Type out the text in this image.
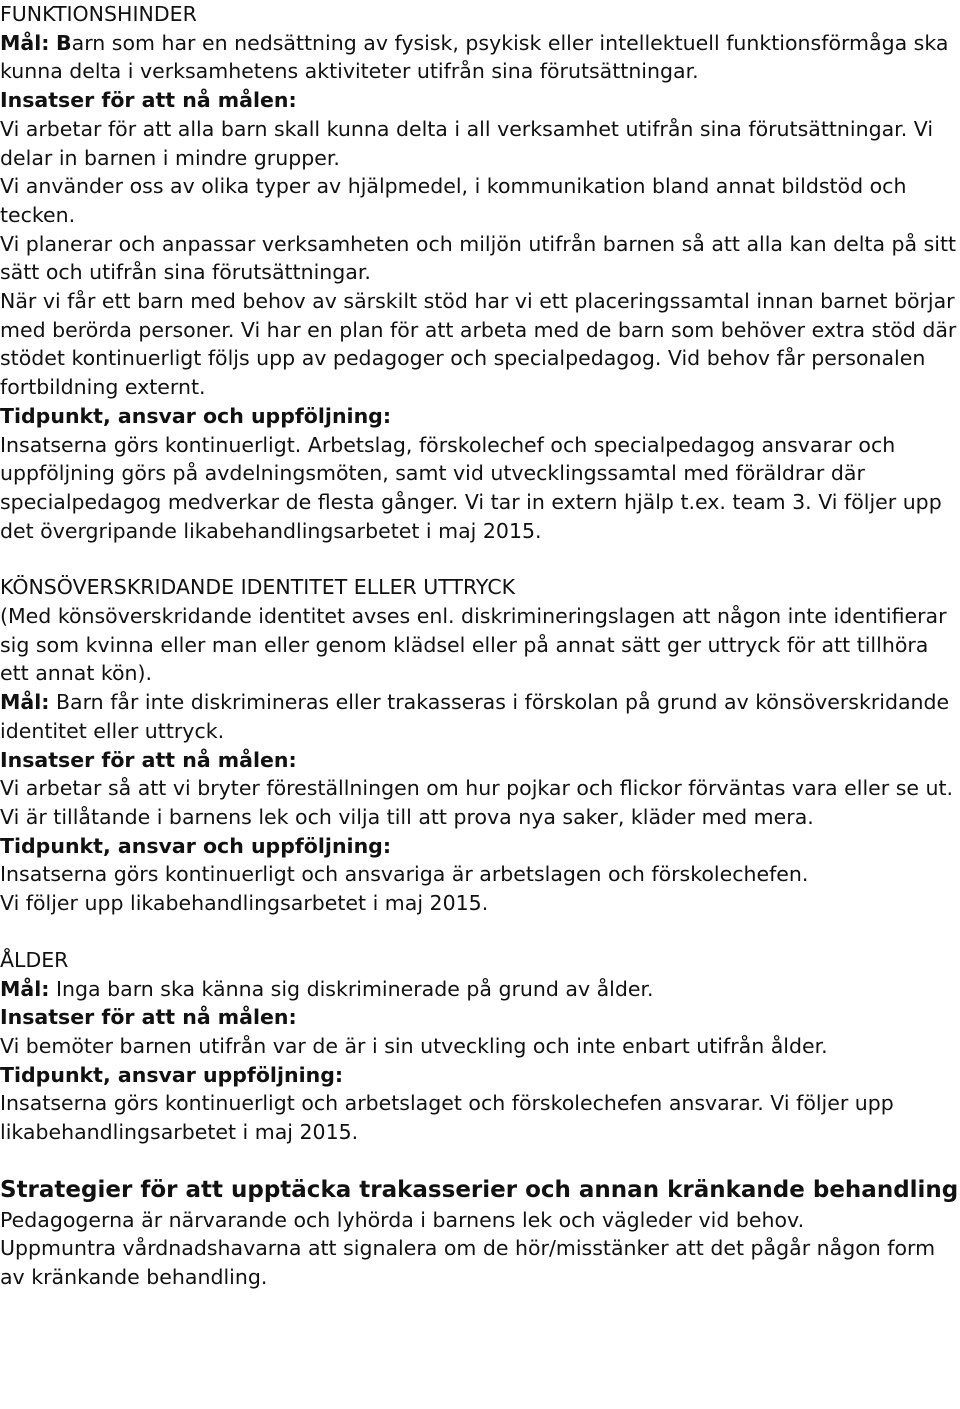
FUNKTIONSHINDER

Mål: Barn som har en nedsättning av fysisk, psykisk eller intellektuell funktionsförmåga ska kunna delta i verksamhetens aktiviteter utifrån sina förutsättningar.

Insatser för att nå målen:

Vi arbetar för att alla barn skall kunna delta i all verksamhet utifrån sina förutsättningar. Vi delar in barnen i mindre grupper.

Vi använder oss av olika typer av hjälpmedel, i kommunikation bland annat bildstöd och tecken.

Vi planerar och anpassar verksamheten och miljön utifrån barnen så att alla kan delta på sitt sätt och utifrån sina förutsättningar.

När vi får ett barn med behov av särskilt stöd har vi ett placeringssamtal innan barnet börjar med berörda personer. Vi har en plan för att arbeta med de barn som behöver extra stöd där stödet kontinuerligt följs upp av pedagoger och specialpedagog. Vid behov får personalen fortbildning externt.

Tidpunkt, ansvar och uppföljning:

Insatserna görs kontinuerligt. Arbetslag, förskolechef och specialpedagog ansvarar och uppföljning görs på avdelningsmöten, samt vid utvecklingssamtal med föräldrar där specialpedagog medverkar de flesta gånger. Vi tar in extern hjälp t.ex. team 3. Vi följer upp det övergripande likabehandlingsarbetet i maj 2015.

KÖNSÖVERSKRIDANDE IDENTITET ELLER UTTRYCK

(Med könsöverskridande identitet avses enl. diskrimineringslagen att någon inte identifierar sig som kvinna eller man eller genom klädsel eller på annat sätt ger uttryck för att tillhöra ett annat kön).

Mål: Barn får inte diskrimineras eller trakasseras i förskolan på grund av könsöverskridande identitet eller uttryck.

Insatser för att nå målen:

Vi arbetar så att vi bryter föreställningen om hur pojkar och flickor förväntas vara eller se ut.

Vi är tillåtande i barnens lek och vilja till att prova nya saker, kläder med mera.

Tidpunkt, ansvar och uppföljning:

Insatserna görs kontinuerligt och ansvariga är arbetslagen och förskolechefen.

Vi följer upp likabehandlingsarbetet i maj 2015.

ÅLDER

Mål: Inga barn ska känna sig diskriminerade på grund av ålder.

Insatser för att nå målen:

Vi bemöter barnen utifrån var de är i sin utveckling och inte enbart utifrån ålder.

Tidpunkt, ansvar uppföljning:

Insatserna görs kontinuerligt och arbetslaget och förskolechefen ansvarar. Vi följer upp likabehandlingsarbetet i maj 2015.

Strategier för att upptäcka trakasserier och annan kränkande behandling

Pedagogerna är närvarande och lyhörda i barnens lek och vägleder vid behov.

Uppmuntra vårdnadshavarna att signalera om de hör/misstänker att det pågår någon form av kränkande behandling.
